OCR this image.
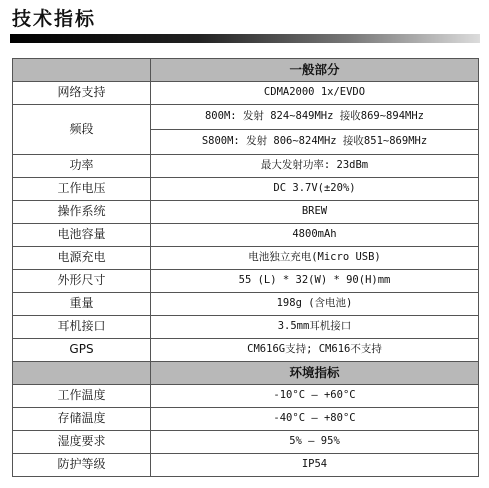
技术指标
	一般部分
网络支持	CDMA2000 1x/EVDO
频段	800M: 发射 824~849MHz 接收869~894MHz
	S800M: 发射 806~824MHz 接收851~869MHz
功率	最大发射功率: 23dBm
工作电压	DC 3.7V(±20%)
操作系统	BREW
电池容量	4800mAh
电源充电	电池独立充电(Micro USB)
外形尺寸	55 (L) * 32(W) * 90(H)mm
重量	198g (含电池)
耳机接口	3.5mm耳机接口
GPS	CM616G支持; CM616不支持
	环境指标
工作温度	-10°C — +60°C
存储温度	-40°C — +80°C
湿度要求	5% — 95%
防护等级	IP54
